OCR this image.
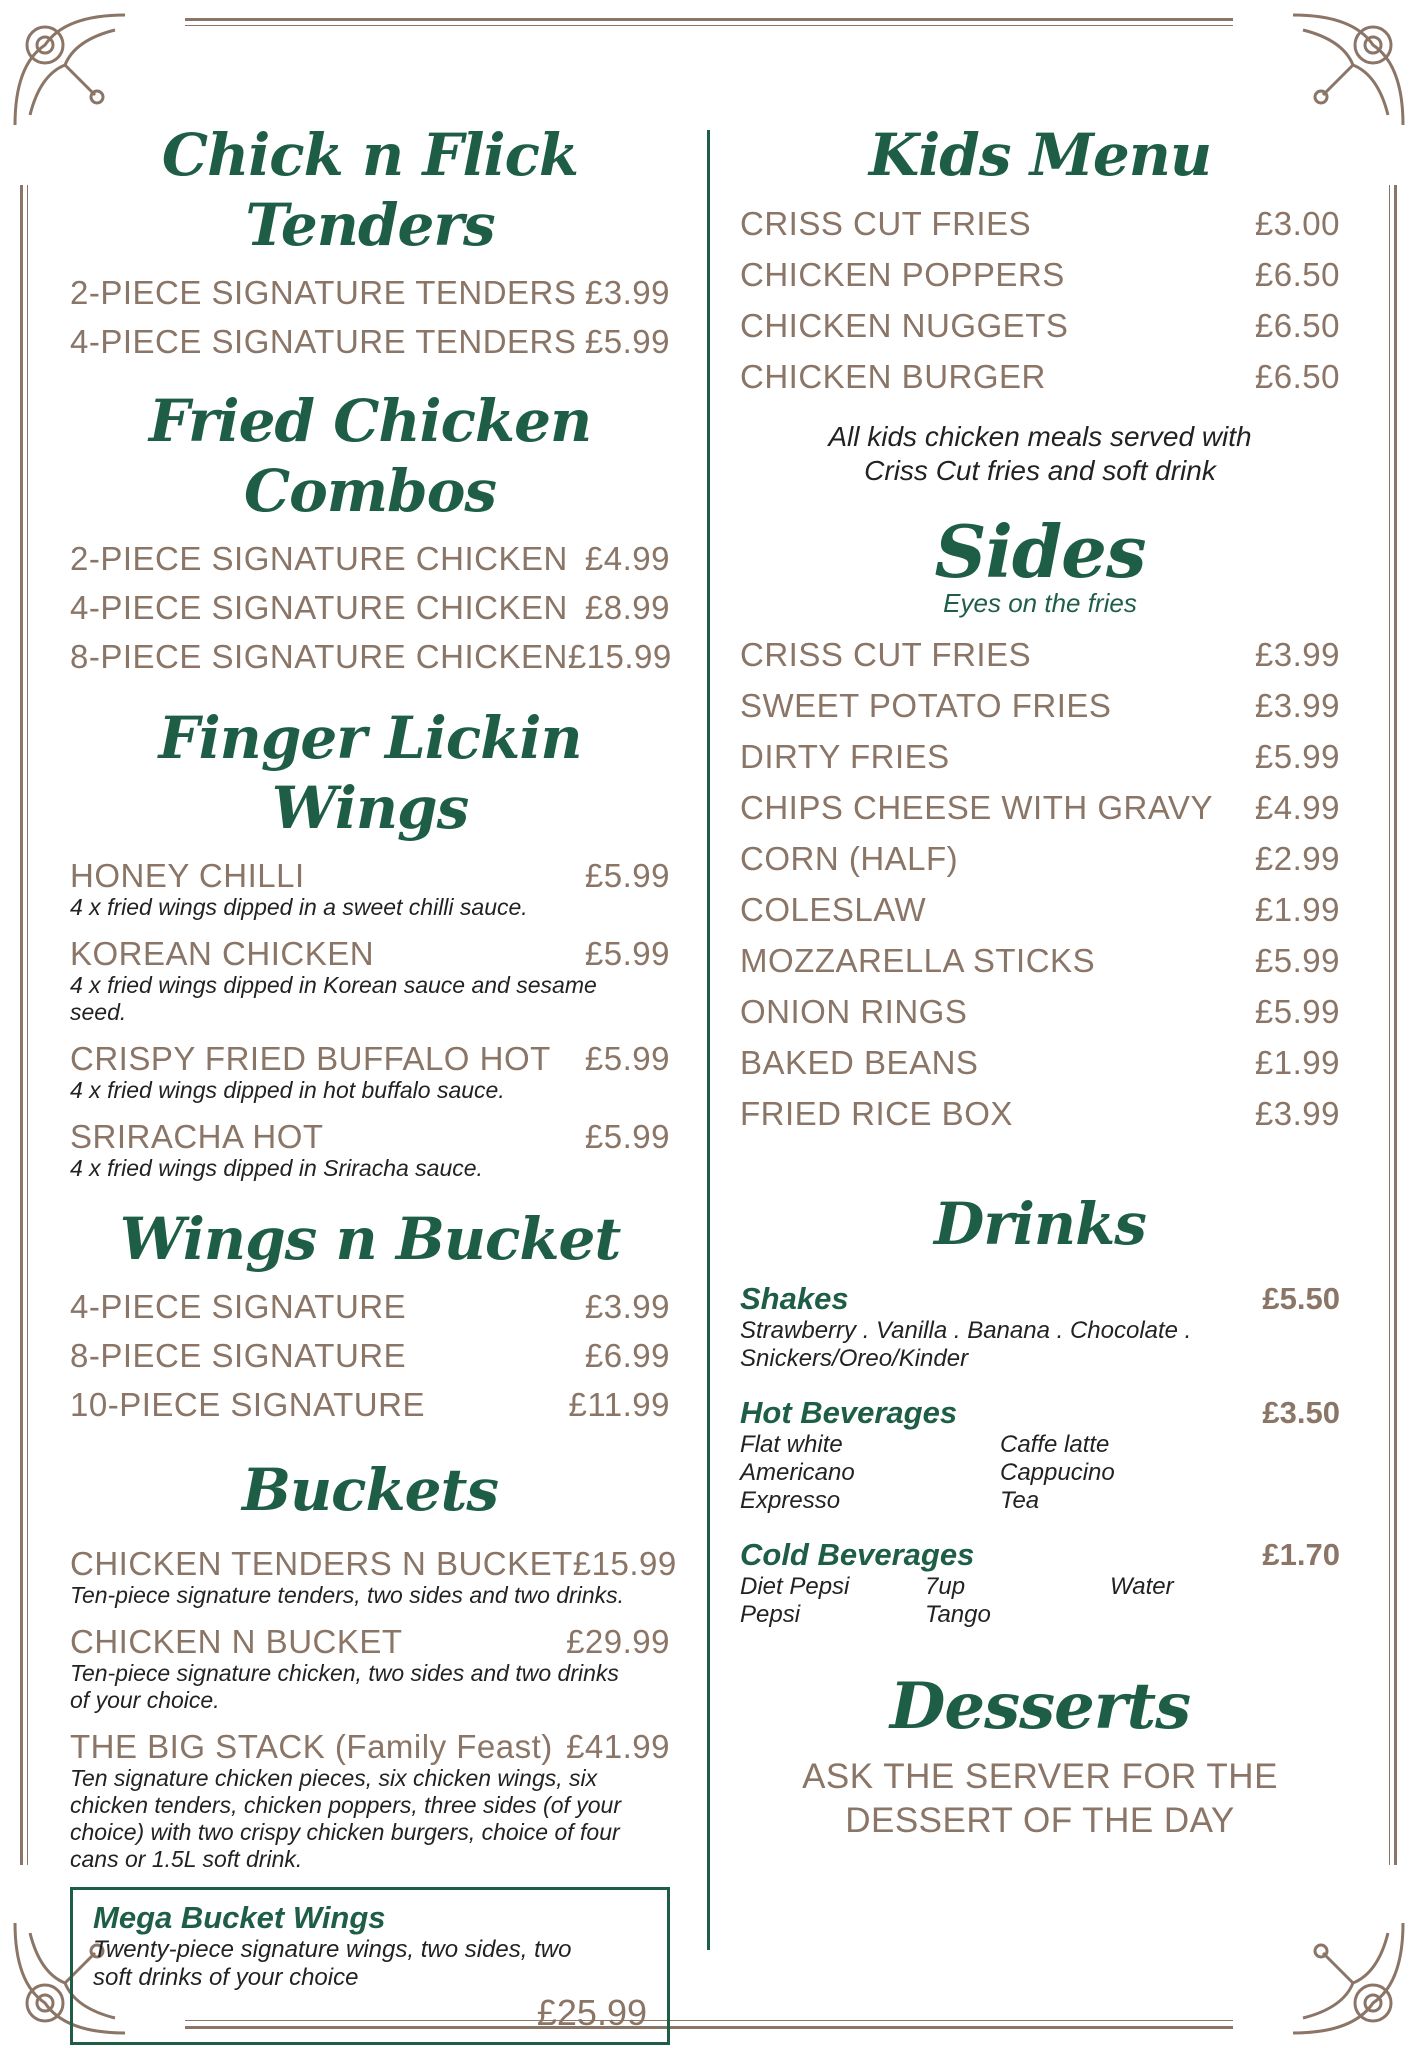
Chick n Flick Tenders
2-PIECE SIGNATURE TENDERS £3.99
4-PIECE SIGNATURE TENDERS £5.99
Fried Chicken Combos
2-PIECE SIGNATURE CHICKEN £4.99
4-PIECE SIGNATURE CHICKEN £8.99
8-PIECE SIGNATURE CHICKEN £15.99
Finger Lickin Wings
HONEY CHILLI	£5.99
4 x fried wings dipped in a sweet chilli sauce.
KOREAN CHICKEN	£5.99
4 x fried wings dipped in Korean sauce and sesame seed.
CRISPY FRIED BUFFALO HOT £5.99
4 x fried wings dipped in hot buffalo sauce.
SRIRACHA HOT	£5.99
4 x fried wings dipped in Sriracha sauce.
Wings n Bucket
4-PIECE SIGNATURE	£3.99
8-PIECE SIGNATURE	£6.99
10-PIECE SIGNATURE	£11.99
Buckets
CHICKEN TENDERS N BUCKET £15.99
Ten-piece signature tenders, two sides and two drinks.
CHICKEN N BUCKET	£29.99
Ten-piece signature chicken, two sides and two drinks of your choice.
THE BIG STACK (Family Feast) £41.99
Ten signature chicken pieces, six chicken wings, six chicken tenders, chicken poppers, three sides (of your choice) with two crispy chicken burgers, choice of four cans or 1.5L soft drink.
Mega Bucket Wings
Twenty-piece signature wings, two sides, two soft drinks of your choice
£25.99
Kids Menu
CRISS CUT FRIES	£3.00
CHICKEN POPPERS	£6.50
CHICKEN NUGGETS	£6.50
CHICKEN BURGER	£6.50
All kids chicken meals served with
Criss Cut fries and soft drink
Sides
Eyes on the fries
CRISS CUT FRIES	£3.99
SWEET POTATO FRIES	£3.99
DIRTY FRIES	£5.99
CHIPS CHEESE WITH GRAVY £4.99
CORN (HALF)	£2.99
COLESLAW	£1.99
MOZZARELLA STICKS	£5.99
ONION RINGS	£5.99
BAKED BEANS	£1.99
FRIED RICE BOX	£3.99
Drinks
Shakes	£5.50
Strawberry . Vanilla . Banana . Chocolate .
Snickers/Oreo/Kinder
Hot Beverages	£3.50
Flat white	Caffe latte
Americano	Cappucino
Expresso	Tea
Cold Beverages	£1.70
Diet Pepsi	7up	Water
Pepsi	Tango
Desserts
ASK THE SERVER FOR THE
DESSERT OF THE DAY
